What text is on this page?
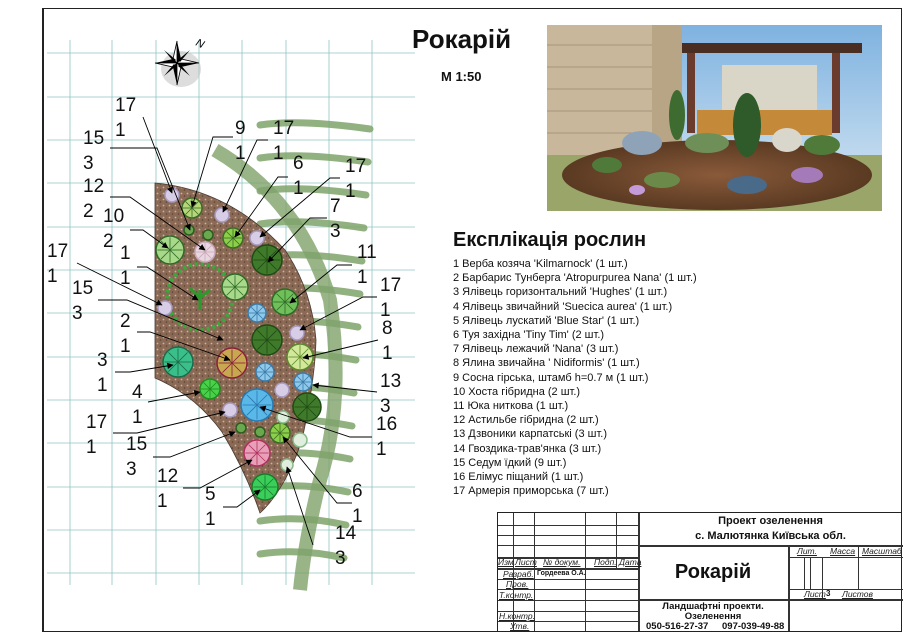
N
17
1
15
3
9
1
17
1
12
2
6
1
17
1
10
2
7
3
1
1
17
1
11
1
15
3
17
1
2
1
8
1
3
1 4
1
13
3
17
1
16
1
15
3	12
1	6
1
5
1
14
3
Рокарій
М 1:50
Експлікація рослин
1 Верба козяча 'Kilmarnock' (1 шт.)
2 Барбарис Тунберга 'Atropurpurea Nana' (1 шт.)
3 Ялівець горизонтальний 'Hughes' (1 шт.)
4 Ялівець звичайний 'Suecica aurea' (1 шт.)
5 Ялівець лускатий 'Blue Star' (1 шт.)
6 Туя західна 'Tiny Tim' (2 шт.)
7 Ялівець лежачий 'Nana' (3 шт.)
8 Ялина звичайна ' Nidiformis' (1 шт.)
9 Сосна гірська, штамб h=0.7 м (1 шт.)
10 Хоста гібридна (2 шт.)
11 Юка ниткова (1 шт.)
12 Астильбе гібридна (2 шт.)
13 Дзвоники карпатські (3 шт.)
14 Гвоздика-трав'янка (3 шт.)
15 Седум їдкий (9 шт.)
16 Елімус піщаний (1 шт.)
17 Армерія приморська (7 шт.)
Проект озеленення
с. Малютянка Київська обл.
Рокарій
Ландшафтні проекти.
Озеленення
050-516-27-37 097-039-49-88
Изм Лист № докум. Подп. Дата
Разраб. Гордеева О.А.
Пров.
Т.контр.
Н.контр.
Утв.
Лит. Масса Масштаб
Лист 3 Листов
